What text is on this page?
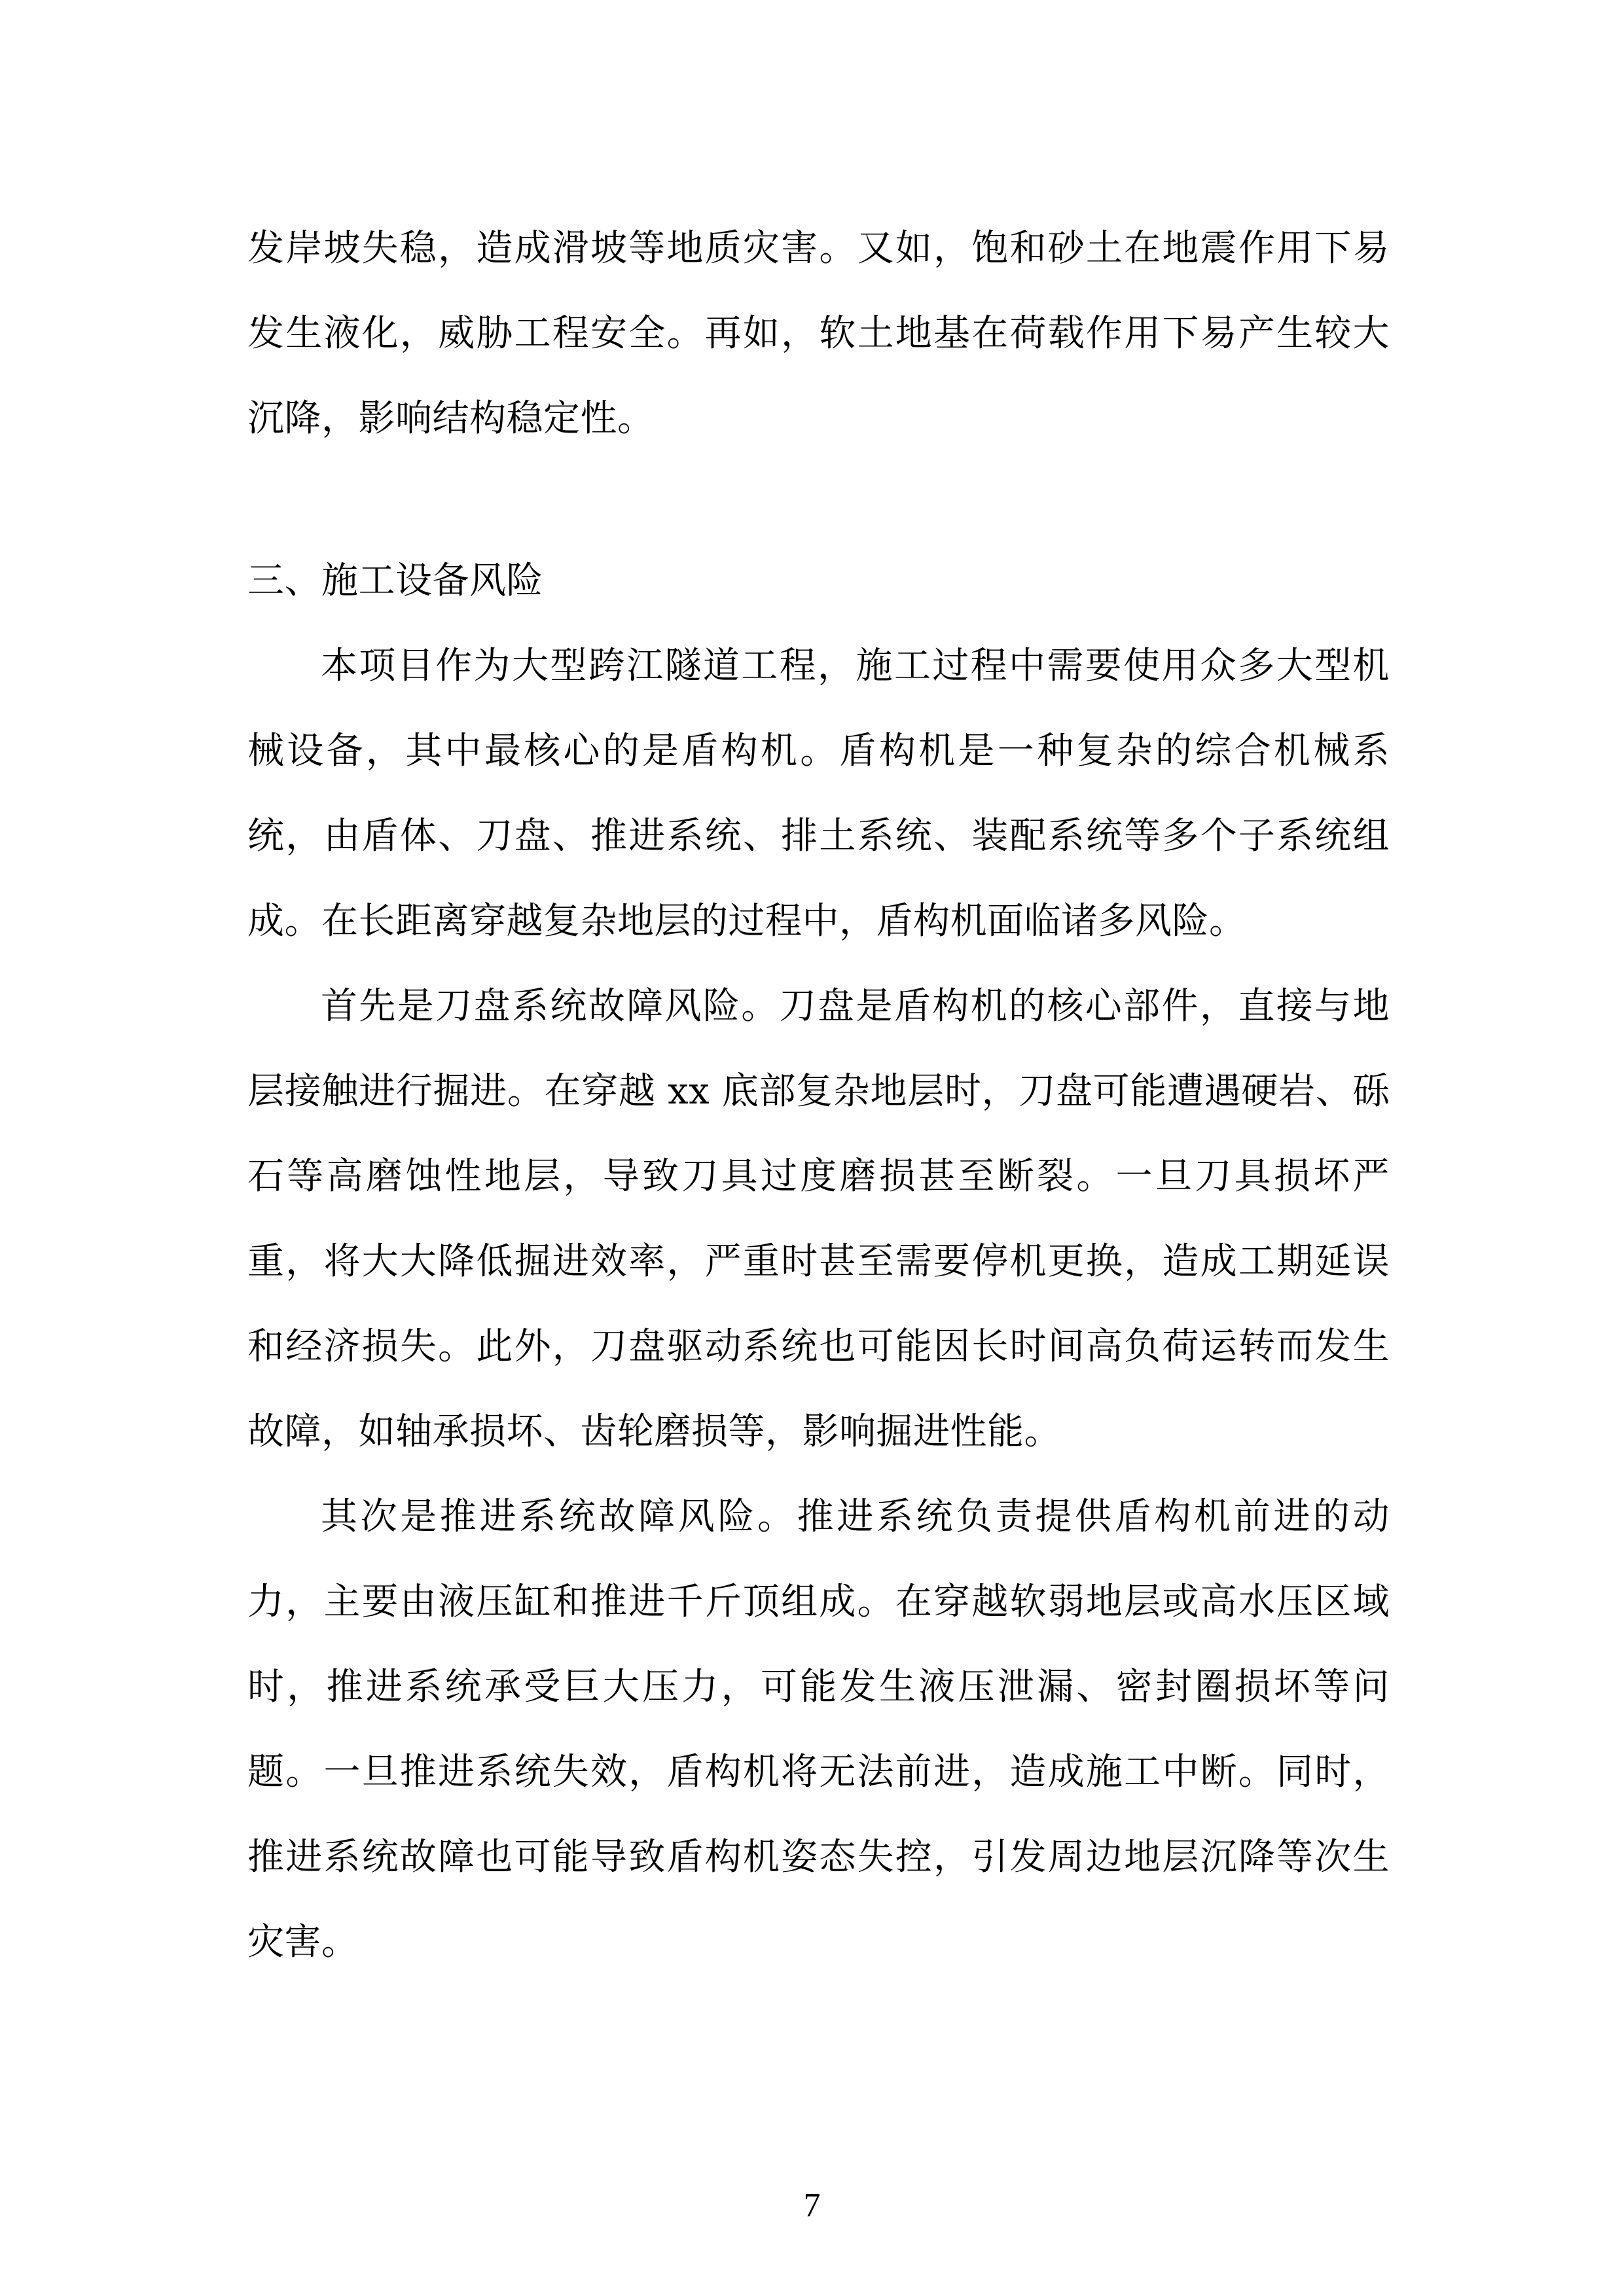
发岸坡失稳，造成滑坡等地质灾害。又如，饱和砂土在地震作用下易发生液化，威胁工程安全。再如，软土地基在荷载作用下易产生较大沉降，影响结构稳定性。

三、施工设备风险

本项目作为大型跨江隧道工程，施工过程中需要使用众多大型机械设备，其中最核心的是盾构机。盾构机是一种复杂的综合机械系统，由盾体、刀盘、推进系统、排土系统、装配系统等多个子系统组成。在长距离穿越复杂地层的过程中，盾构机面临诸多风险。

首先是刀盘系统故障风险。刀盘是盾构机的核心部件，直接与地层接触进行掘进。在穿越 xx 底部复杂地层时，刀盘可能遭遇硬岩、砾石等高磨蚀性地层，导致刀具过度磨损甚至断裂。一旦刀具损坏严重，将大大降低掘进效率，严重时甚至需要停机更换，造成工期延误和经济损失。此外，刀盘驱动系统也可能因长时间高负荷运转而发生故障，如轴承损坏、齿轮磨损等，影响掘进性能。

其次是推进系统故障风险。推进系统负责提供盾构机前进的动力，主要由液压缸和推进千斤顶组成。在穿越软弱地层或高水压区域时，推进系统承受巨大压力，可能发生液压泄漏、密封圈损坏等问题。一旦推进系统失效，盾构机将无法前进，造成施工中断。同时，推进系统故障也可能导致盾构机姿态失控，引发周边地层沉降等次生灾害。

7
